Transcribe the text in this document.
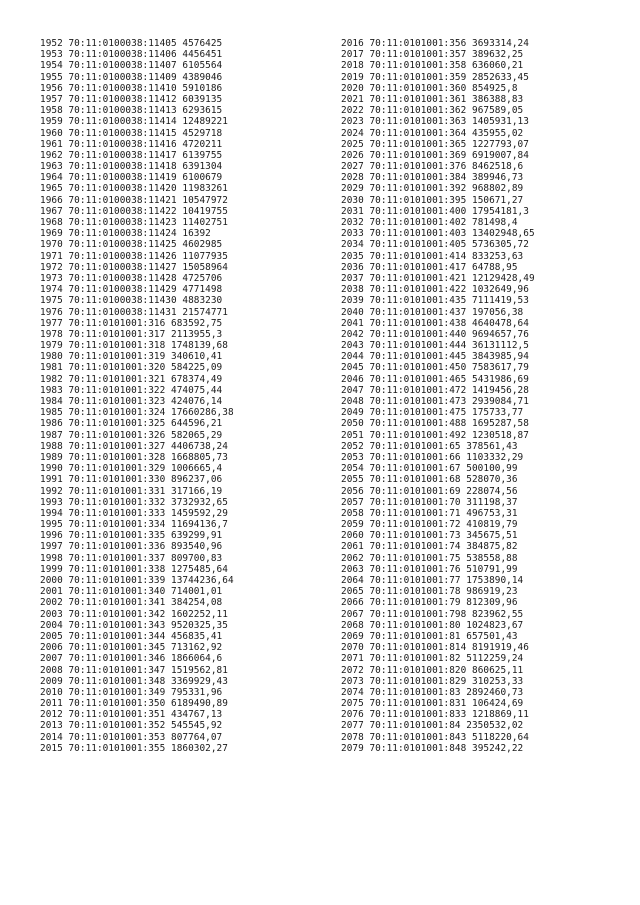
1952 70:11:0100038:11405 4576425
1953 70:11:0100038:11406 4456451
1954 70:11:0100038:11407 6105564
1955 70:11:0100038:11409 4389046
1956 70:11:0100038:11410 5910186
1957 70:11:0100038:11412 6039135
1958 70:11:0100038:11413 6293615
1959 70:11:0100038:11414 12489221
1960 70:11:0100038:11415 4529718
1961 70:11:0100038:11416 4720211
1962 70:11:0100038:11417 6139755
1963 70:11:0100038:11418 6391304
1964 70:11:0100038:11419 6100679
1965 70:11:0100038:11420 11983261
1966 70:11:0100038:11421 10547972
1967 70:11:0100038:11422 10419755
1968 70:11:0100038:11423 11402751
1969 70:11:0100038:11424 16392
1970 70:11:0100038:11425 4602985
1971 70:11:0100038:11426 11077935
1972 70:11:0100038:11427 15058964
1973 70:11:0100038:11428 4725706
1974 70:11:0100038:11429 4771498
1975 70:11:0100038:11430 4883230
1976 70:11:0100038:11431 21574771
1977 70:11:0101001:316 683592,75
1978 70:11:0101001:317 2113955,3
1979 70:11:0101001:318 1748139,68
1980 70:11:0101001:319 340610,41
1981 70:11:0101001:320 584225,09
1982 70:11:0101001:321 678374,49
1983 70:11:0101001:322 474075,44
1984 70:11:0101001:323 424076,14
1985 70:11:0101001:324 17660286,38
1986 70:11:0101001:325 644596,21
1987 70:11:0101001:326 582065,29
1988 70:11:0101001:327 4406738,24
1989 70:11:0101001:328 1668805,73
1990 70:11:0101001:329 1006665,4
1991 70:11:0101001:330 896237,06
1992 70:11:0101001:331 317166,19
1993 70:11:0101001:332 3732932,65
1994 70:11:0101001:333 1459592,29
1995 70:11:0101001:334 11694136,7
1996 70:11:0101001:335 639299,91
1997 70:11:0101001:336 893540,96
1998 70:11:0101001:337 809700,83
1999 70:11:0101001:338 1275485,64
2000 70:11:0101001:339 13744236,64
2001 70:11:0101001:340 714001,01
2002 70:11:0101001:341 384254,08
2003 70:11:0101001:342 1602252,11
2004 70:11:0101001:343 9520325,35
2005 70:11:0101001:344 456835,41
2006 70:11:0101001:345 713162,92
2007 70:11:0101001:346 1866064,6
2008 70:11:0101001:347 1519562,81
2009 70:11:0101001:348 3369929,43
2010 70:11:0101001:349 795331,96
2011 70:11:0101001:350 6189490,89
2012 70:11:0101001:351 434767,13
2013 70:11:0101001:352 545545,92
2014 70:11:0101001:353 807764,07
2015 70:11:0101001:355 1860302,27
2016 70:11:0101001:356 3693314,24
2017 70:11:0101001:357 389632,25
2018 70:11:0101001:358 636060,21
2019 70:11:0101001:359 2852633,45
2020 70:11:0101001:360 854925,8
2021 70:11:0101001:361 386388,83
2022 70:11:0101001:362 967589,05
2023 70:11:0101001:363 1405931,13
2024 70:11:0101001:364 435955,02
2025 70:11:0101001:365 1227793,07
2026 70:11:0101001:369 6919007,84
2027 70:11:0101001:376 8462518,6
2028 70:11:0101001:384 389946,73
2029 70:11:0101001:392 968802,89
2030 70:11:0101001:395 150671,27
2031 70:11:0101001:400 17954181,3
2032 70:11:0101001:402 781498,4
2033 70:11:0101001:403 13402948,65
2034 70:11:0101001:405 5736305,72
2035 70:11:0101001:414 833253,63
2036 70:11:0101001:417 64788,95
2037 70:11:0101001:421 12129428,49
2038 70:11:0101001:422 1032649,96
2039 70:11:0101001:435 7111419,53
2040 70:11:0101001:437 197056,38
2041 70:11:0101001:438 4640478,64
2042 70:11:0101001:440 9694657,76
2043 70:11:0101001:444 36131112,5
2044 70:11:0101001:445 3843985,94
2045 70:11:0101001:450 7583617,79
2046 70:11:0101001:465 5431986,69
2047 70:11:0101001:472 1419456,28
2048 70:11:0101001:473 2939084,71
2049 70:11:0101001:475 175733,77
2050 70:11:0101001:488 1695287,58
2051 70:11:0101001:492 1230518,87
2052 70:11:0101001:65 378561,43
2053 70:11:0101001:66 1103332,29
2054 70:11:0101001:67 500100,99
2055 70:11:0101001:68 528070,36
2056 70:11:0101001:69 228074,56
2057 70:11:0101001:70 311198,37
2058 70:11:0101001:71 496753,31
2059 70:11:0101001:72 410819,79
2060 70:11:0101001:73 345675,51
2061 70:11:0101001:74 384875,82
2062 70:11:0101001:75 538558,88
2063 70:11:0101001:76 510791,99
2064 70:11:0101001:77 1753890,14
2065 70:11:0101001:78 986919,23
2066 70:11:0101001:79 812309,96
2067 70:11:0101001:798 823962,55
2068 70:11:0101001:80 1024823,67
2069 70:11:0101001:81 657501,43
2070 70:11:0101001:814 8191919,46
2071 70:11:0101001:82 5112259,24
2072 70:11:0101001:820 860625,11
2073 70:11:0101001:829 310253,33
2074 70:11:0101001:83 2892460,73
2075 70:11:0101001:831 106424,69
2076 70:11:0101001:833 1218869,11
2077 70:11:0101001:84 2350532,02
2078 70:11:0101001:843 5118220,64
2079 70:11:0101001:848 395242,22
